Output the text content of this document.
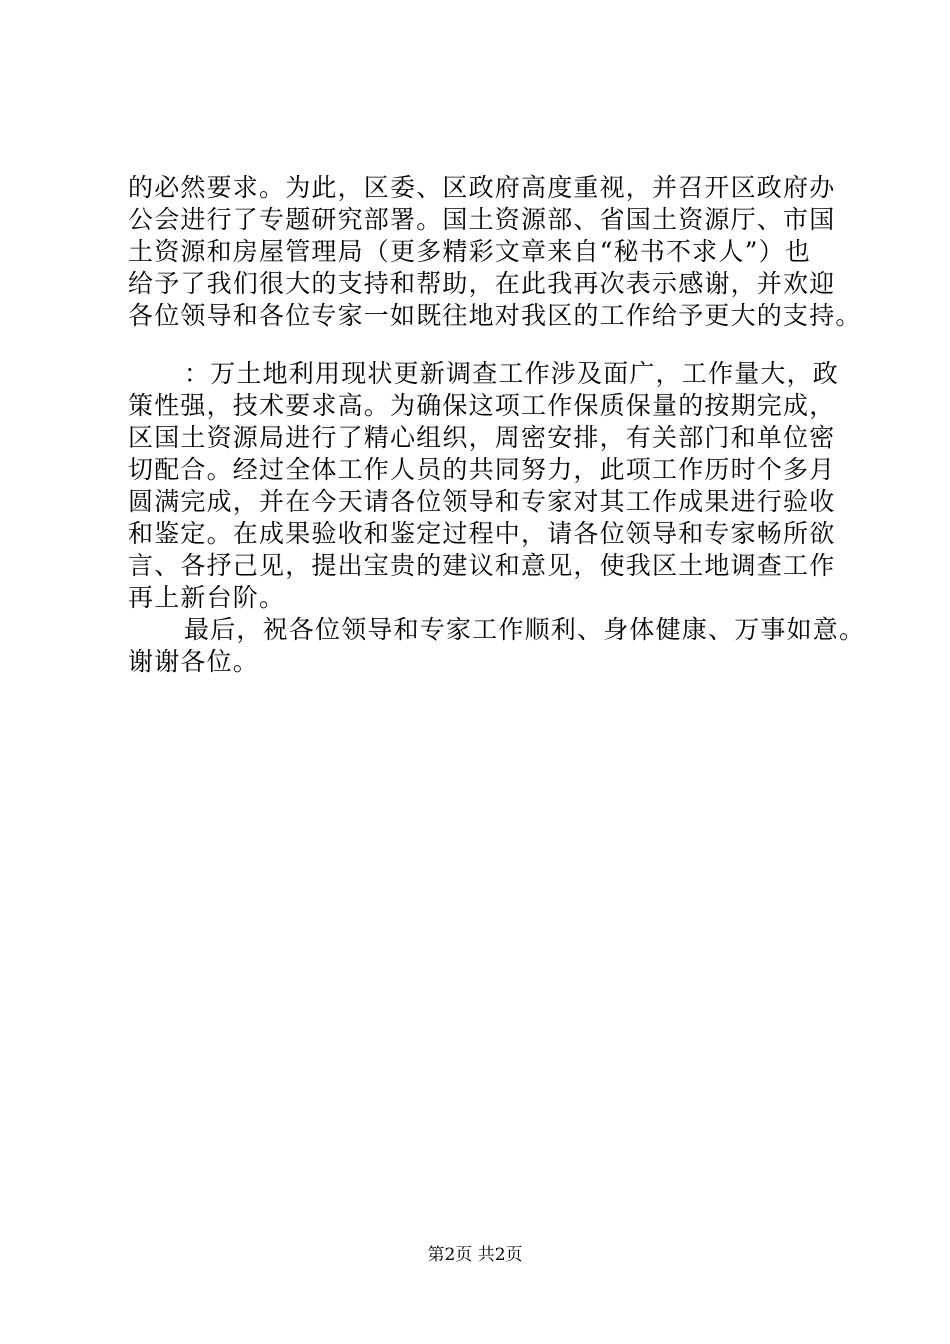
的必然要求。为此，区委、区政府高度重视，并召开区政府办
公会进行了专题研究部署。国土资源部、省国土资源厅、市国
土资源和房屋管理局（更多精彩文章来自“秘书不求人”）也
给予了我们很大的支持和帮助，在此我再次表示感谢，并欢迎
各位领导和各位专家一如既往地对我区的工作给予更大的支持。
：万土地利用现状更新调查工作涉及面广，工作量大，政
策性强，技术要求高。为确保这项工作保质保量的按期完成，
区国土资源局进行了精心组织，周密安排，有关部门和单位密
切配合。经过全体工作人员的共同努力，此项工作历时个多月
圆满完成，并在今天请各位领导和专家对其工作成果进行验收
和鉴定。在成果验收和鉴定过程中，请各位领导和专家畅所欲
言、各抒己见，提出宝贵的建议和意见，使我区土地调查工作
再上新台阶。
最后，祝各位领导和专家工作顺利、身体健康、万事如意。
谢谢各位。
第2页 共2页
